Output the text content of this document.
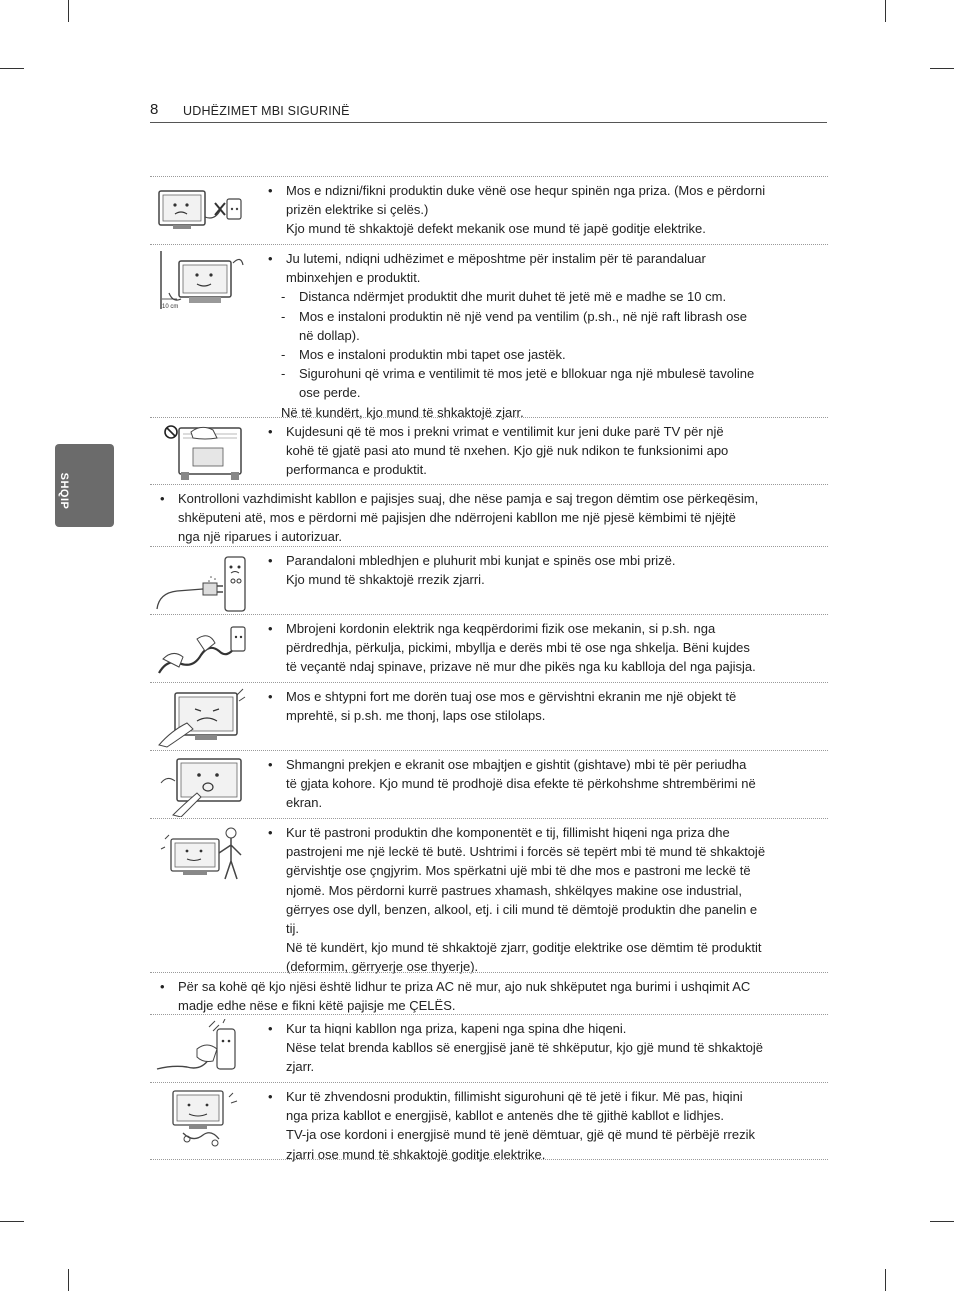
8 UDHËZIMET MBI SIGURINË
SHQIP
• Mos e ndizni/fikni produktin duke vënë ose hequr spinën nga priza. (Mos e përdorni
prizën elektrike si çelës.)
Kjo mund të shkaktojë defekt mekanik ose mund të japë goditje elektrike.
10 cm
• Ju lutemi, ndiqni udhëzimet e mëposhtme për instalim për të parandaluar
mbinxehjen e produktit.
- Distanca ndërmjet produktit dhe murit duhet të jetë më e madhe se 10 cm.
- Mos e instaloni produktin në një vend pa ventilim (p.sh., në një raft librash ose
në dollap).
- Mos e instaloni produktin mbi tapet ose jastëk.
- Sigurohuni që vrima e ventilimit të mos jetë e bllokuar nga një mbulesë tavoline
ose perde.
Në të kundërt, kjo mund të shkaktojë zjarr.
• Kujdesuni që të mos i prekni vrimat e ventilimit kur jeni duke parë TV për një
kohë të gjatë pasi ato mund të nxehen. Kjo gjë nuk ndikon te funksionimi apo
performanca e produktit.
• Kontrolloni vazhdimisht kabllon e pajisjes suaj, dhe nëse pamja e saj tregon dëmtim ose përkeqësim,
shkëputeni atë, mos e përdorni më pajisjen dhe ndërrojeni kabllon me një pjesë këmbimi të njëjtë
nga një riparues i autorizuar.
• Parandaloni mbledhjen e pluhurit mbi kunjat e spinës ose mbi prizë.
Kjo mund të shkaktojë rrezik zjarri.
• Mbrojeni kordonin elektrik nga keqpërdorimi fizik ose mekanin, si p.sh. nga
përdredhja, përkulja, pickimi, mbyllja e derës mbi të ose nga shkelja. Bëni kujdes
të veçantë ndaj spinave, prizave në mur dhe pikës nga ku kablloja del nga pajisja.
• Mos e shtypni fort me dorën tuaj ose mos e gërvishtni ekranin me një objekt të
mprehtë, si p.sh. me thonj, laps ose stilolaps.
• Shmangni prekjen e ekranit ose mbajtjen e gishtit (gishtave) mbi të për periudha
të gjata kohore. Kjo mund të prodhojë disa efekte të përkohshme shtrembërimi në
ekran.
• Kur të pastroni produktin dhe komponentët e tij, fillimisht hiqeni nga priza dhe
pastrojeni me një leckë të butë. Ushtrimi i forcës së tepërt mbi të mund të shkaktojë
gërvishtje ose çngjyrim. Mos spërkatni ujë mbi të dhe mos e pastroni me leckë të
njomë. Mos përdorni kurrë pastrues xhamash, shkëlqyes makine ose industrial,
gërryes ose dyll, benzen, alkool, etj. i cili mund të dëmtojë produktin dhe panelin e
tij.
Në të kundërt, kjo mund të shkaktojë zjarr, goditje elektrike ose dëmtim të produktit
(deformim, gërryerje ose thyerje).
• Për sa kohë që kjo njësi është lidhur te priza AC në mur, ajo nuk shkëputet nga burimi i ushqimit AC
madje edhe nëse e fikni këtë pajisje me ÇELËS.
• Kur ta hiqni kabllon nga priza, kapeni nga spina dhe hiqeni.
Nëse telat brenda kabllos së energjisë janë të shkëputur, kjo gjë mund të shkaktojë
zjarr.
• Kur të zhvendosni produktin, fillimisht sigurohuni që të jetë i fikur. Më pas, hiqini
nga priza kabllot e energjisë, kabllot e antenës dhe të gjithë kabllot e lidhjes.
TV-ja ose kordoni i energjisë mund të jenë dëmtuar, gjë që mund të përbëjë rrezik
zjarri ose mund të shkaktojë goditje elektrike.
